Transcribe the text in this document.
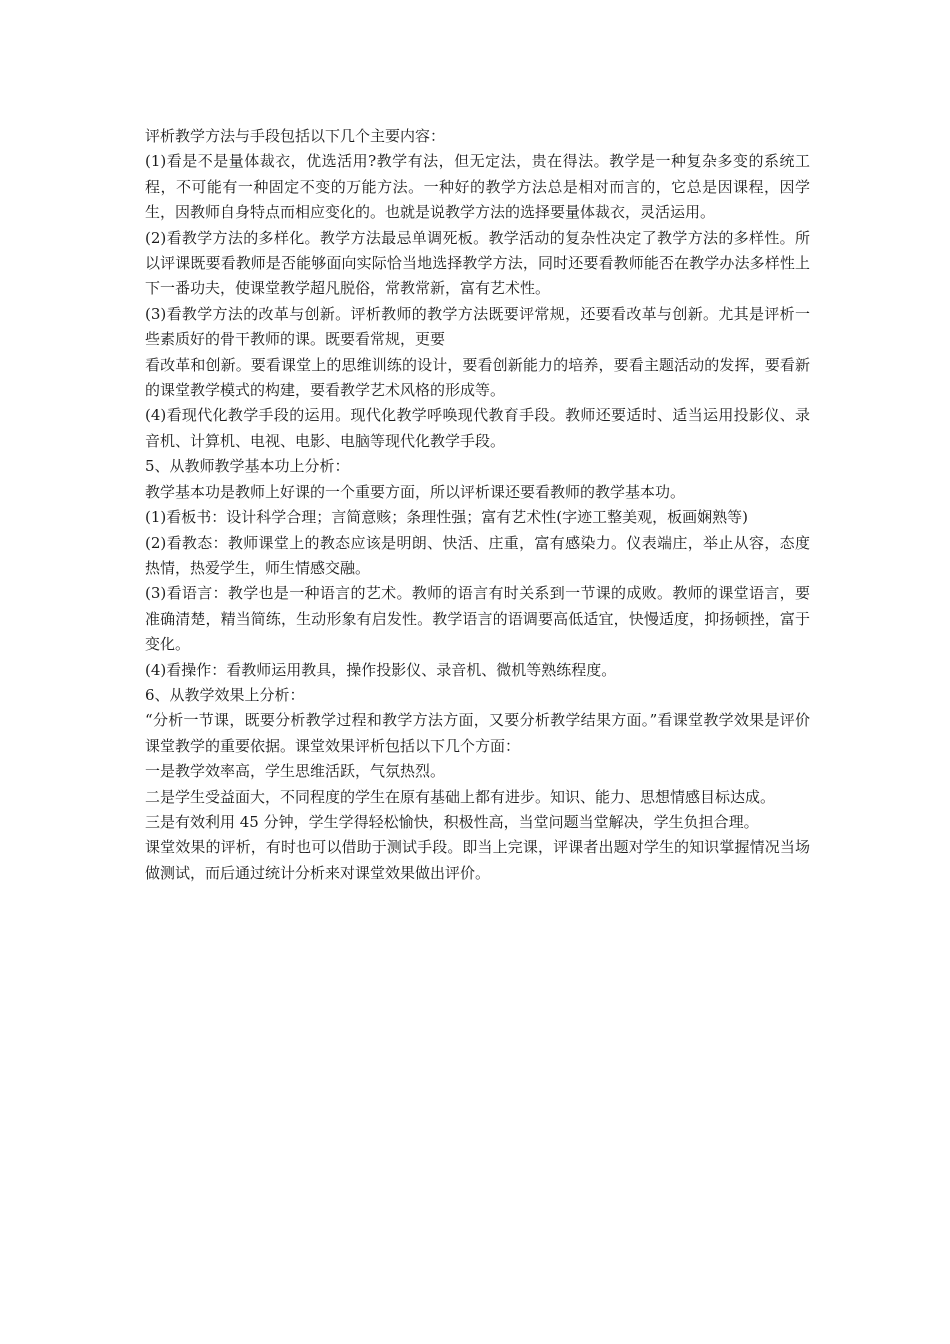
评析教学方法与手段包括以下几个主要内容：

(1)看是不是量体裁衣，优选活用?教学有法，但无定法，贵在得法。教学是一种复杂多变的系统工程，不可能有一种固定不变的万能方法。一种好的教学方法总是相对而言的，它总是因课程，因学生，因教师自身特点而相应变化的。也就是说教学方法的选择要量体裁衣，灵活运用。

(2)看教学方法的多样化。教学方法最忌单调死板。教学活动的复杂性决定了教学方法的多样性。所以评课既要看教师是否能够面向实际恰当地选择教学方法，同时还要看教师能否在教学办法多样性上下一番功夫，使课堂教学超凡脱俗，常教常新，富有艺术性。

(3)看教学方法的改革与创新。评析教师的教学方法既要评常规，还要看改革与创新。尤其是评析一些素质好的骨干教师的课。既要看常规，更要

看改革和创新。要看课堂上的思维训练的设计，要看创新能力的培养，要看主题活动的发挥，要看新的课堂教学模式的构建，要看教学艺术风格的形成等。

(4)看现代化教学手段的运用。现代化教学呼唤现代教育手段。教师还要适时、适当运用投影仪、录音机、计算机、电视、电影、电脑等现代化教学手段。

5、从教师教学基本功上分析：

教学基本功是教师上好课的一个重要方面，所以评析课还要看教师的教学基本功。

(1)看板书：设计科学合理；言简意赅；条理性强；富有艺术性(字迹工整美观，板画娴熟等)

(2)看教态：教师课堂上的教态应该是明朗、快活、庄重，富有感染力。仪表端庄，举止从容，态度热情，热爱学生，师生情感交融。

(3)看语言：教学也是一种语言的艺术。教师的语言有时关系到一节课的成败。教师的课堂语言，要准确清楚，精当简练，生动形象有启发性。教学语言的语调要高低适宜，快慢适度，抑扬顿挫，富于变化。

(4)看操作：看教师运用教具，操作投影仪、录音机、微机等熟练程度。

6、从教学效果上分析：

“分析一节课，既要分析教学过程和教学方法方面，又要分析教学结果方面。”看课堂教学效果是评价课堂教学的重要依据。课堂效果评析包括以下几个方面：

一是教学效率高，学生思维活跃，气氛热烈。

二是学生受益面大，不同程度的学生在原有基础上都有进步。知识、能力、思想情感目标达成。

三是有效利用 45 分钟，学生学得轻松愉快，积极性高，当堂问题当堂解决，学生负担合理。

课堂效果的评析，有时也可以借助于测试手段。即当上完课，评课者出题对学生的知识掌握情况当场做测试，而后通过统计分析来对课堂效果做出评价。
